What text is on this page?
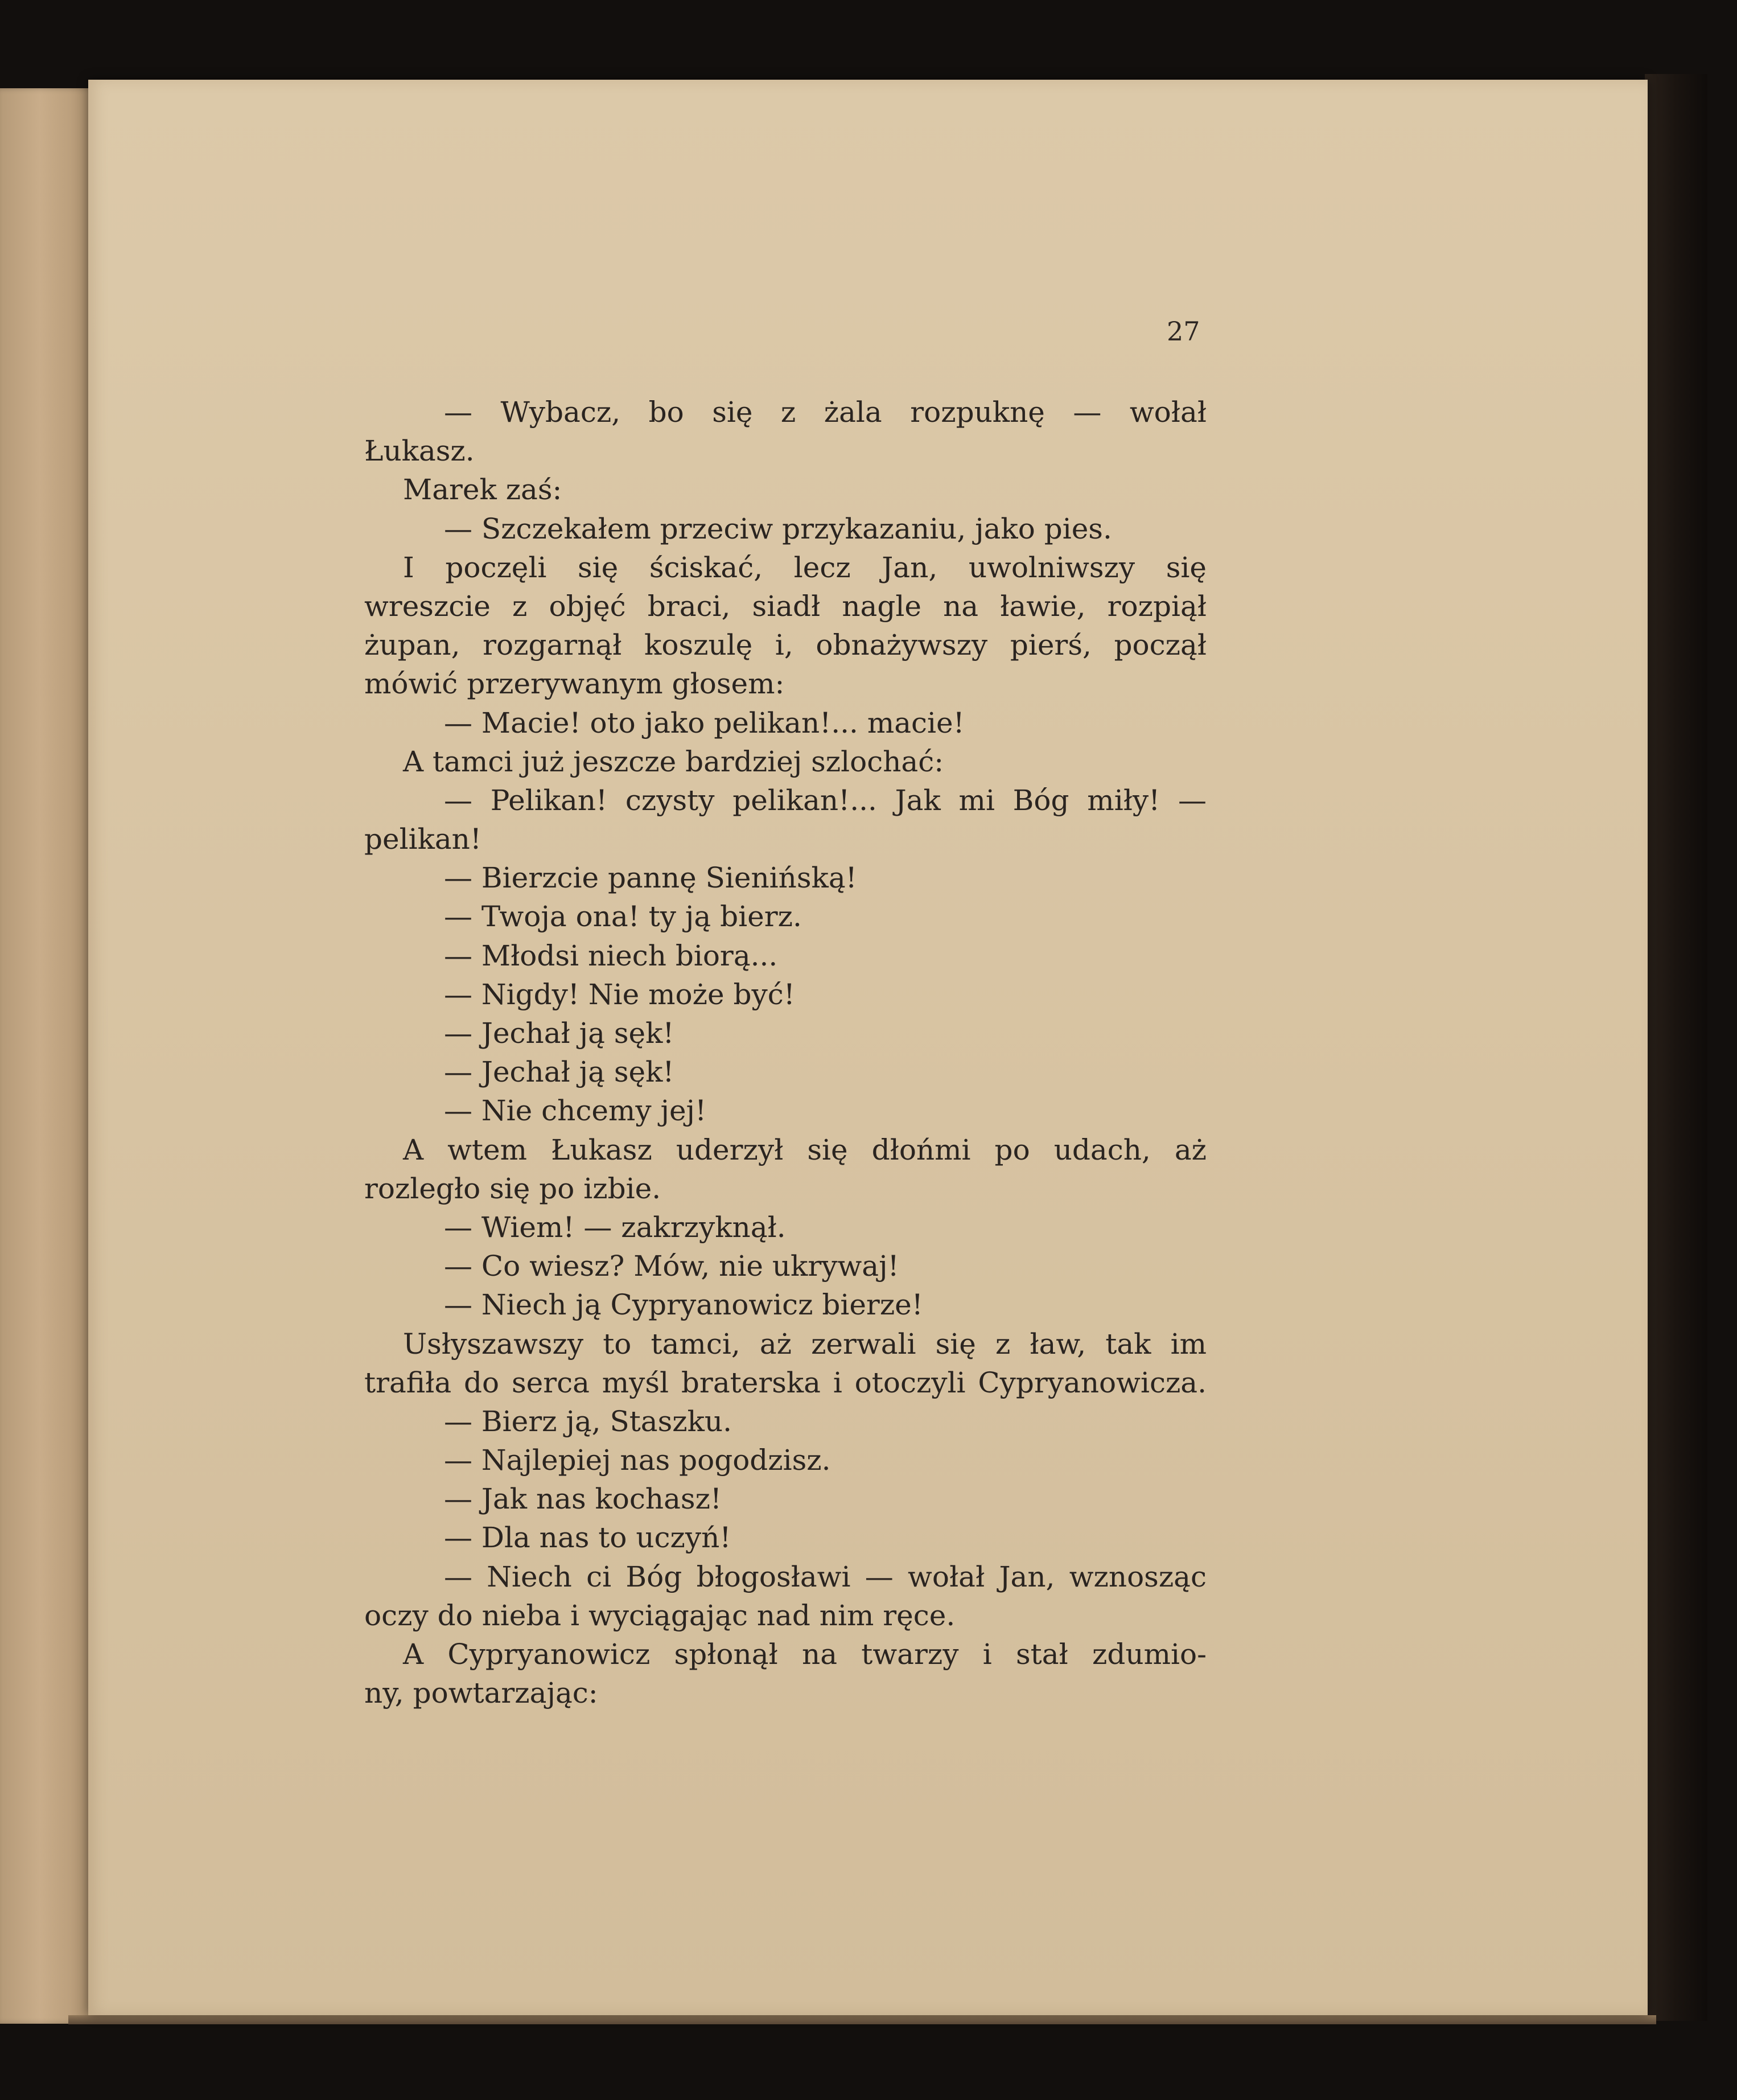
27
— Wybacz, bo się z żala rozpuknę — wołał
Łukasz.
Marek zaś:
— Szczekałem przeciw przykazaniu, jako pies.
I poczęli się ściskać, lecz Jan, uwolniwszy się
wreszcie z objęć braci, siadł nagle na ławie, rozpiął
żupan, rozgarnął koszulę i, obnażywszy pierś, począł
mówić przerywanym głosem:
— Macie! oto jako pelikan!... macie!
A tamci już jeszcze bardziej szlochać:
— Pelikan! czysty pelikan!... Jak mi Bóg miły! —
pelikan!
— Bierzcie pannę Sienińską!
— Twoja ona! ty ją bierz.
— Młodsi niech biorą...
— Nigdy! Nie może być!
— Jechał ją sęk!
— Jechał ją sęk!
— Nie chcemy jej!
A wtem Łukasz uderzył się dłońmi po udach, aż
rozległo się po izbie.
— Wiem! — zakrzyknął.
— Co wiesz? Mów, nie ukrywaj!
— Niech ją Cypryanowicz bierze!
Usłyszawszy to tamci, aż zerwali się z ław, tak im
trafiła do serca myśl braterska i otoczyli Cypryanowicza.
— Bierz ją, Staszku.
— Najlepiej nas pogodzisz.
— Jak nas kochasz!
— Dla nas to uczyń!
— Niech ci Bóg błogosławi — wołał Jan, wznosząc
oczy do nieba i wyciągając nad nim ręce.
A Cypryanowicz spłonął na twarzy i stał zdumio-
ny, powtarzając:
